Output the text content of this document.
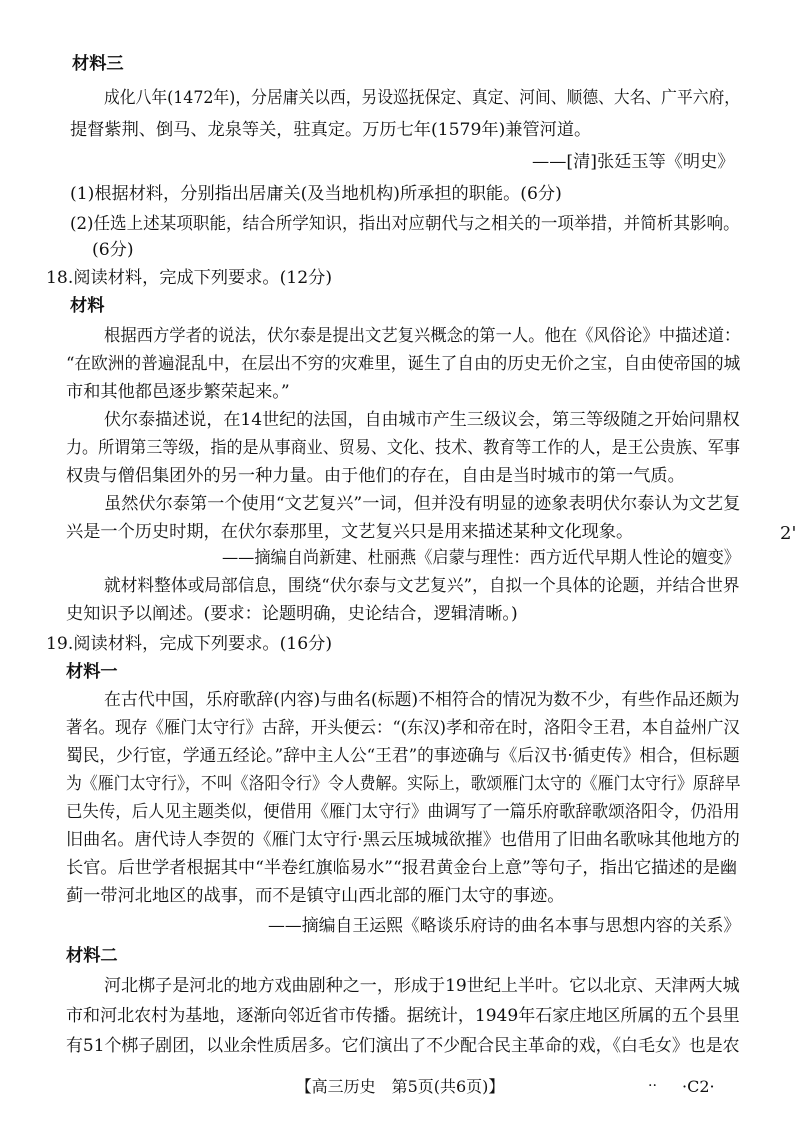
材料三
成化八年(1472年)，分居庸关以西，另设巡抚保定、真定、河间、顺德、大名、广平六府，
提督紫荆、倒马、龙泉等关，驻真定。万历七年(1579年)兼管河道。
——[清]张廷玉等《明史》
(1)根据材料，分别指出居庸关(及当地机构)所承担的职能。(6分)
(2)任选上述某项职能，结合所学知识，指出对应朝代与之相关的一项举措，并简析其影响。
(6分)
18.阅读材料，完成下列要求。(12分)
材料
根据西方学者的说法，伏尔泰是提出文艺复兴概念的第一人。他在《风俗论》中描述道：
“在欧洲的普遍混乱中，在层出不穷的灾难里，诞生了自由的历史无价之宝，自由使帝国的城
市和其他都邑逐步繁荣起来。”
伏尔泰描述说，在14世纪的法国，自由城市产生三级议会，第三等级随之开始问鼎权
力。所谓第三等级，指的是从事商业、贸易、文化、技术、教育等工作的人，是王公贵族、军事
权贵与僧侣集团外的另一种力量。由于他们的存在，自由是当时城市的第一气质。
虽然伏尔泰第一个使用“文艺复兴”一词，但并没有明显的迹象表明伏尔泰认为文艺复
兴是一个历史时期，在伏尔泰那里，文艺复兴只是用来描述某种文化现象。
——摘编自尚新建、杜丽燕《启蒙与理性：西方近代早期人性论的嬗变》
就材料整体或局部信息，围绕“伏尔泰与文艺复兴”，自拟一个具体的论题，并结合世界
史知识予以阐述。(要求：论题明确，史论结合，逻辑清晰。)
19.阅读材料，完成下列要求。(16分)
材料一
在古代中国，乐府歌辞(内容)与曲名(标题)不相符合的情况为数不少，有些作品还颇为
著名。现存《雁门太守行》古辞，开头便云：“(东汉)孝和帝在时，洛阳令王君，本自益州广汉
蜀民，少行宦，学通五经论。”辞中主人公“王君”的事迹确与《后汉书·循吏传》相合，但标题
为《雁门太守行》，不叫《洛阳令行》令人费解。实际上，歌颂雁门太守的《雁门太守行》原辞早
已失传，后人见主题类似，便借用《雁门太守行》曲调写了一篇乐府歌辞歌颂洛阳令，仍沿用
旧曲名。唐代诗人李贺的《雁门太守行·黑云压城城欲摧》也借用了旧曲名歌咏其他地方的
长官。后世学者根据其中“半卷红旗临易水”“报君黄金台上意”等句子，指出它描述的是幽
蓟一带河北地区的战事，而不是镇守山西北部的雁门太守的事迹。
——摘编自王运熙《略谈乐府诗的曲名本事与思想内容的关系》
材料二
河北梆子是河北的地方戏曲剧种之一，形成于19世纪上半叶。它以北京、天津两大城
市和河北农村为基地，逐渐向邻近省市传播。据统计，1949年石家庄地区所属的五个县里
有51个梆子剧团，以业余性质居多。它们演出了不少配合民主革命的戏，《白毛女》也是农
2'
【高三历史　第5页(共6页)】	.. ·C2·
